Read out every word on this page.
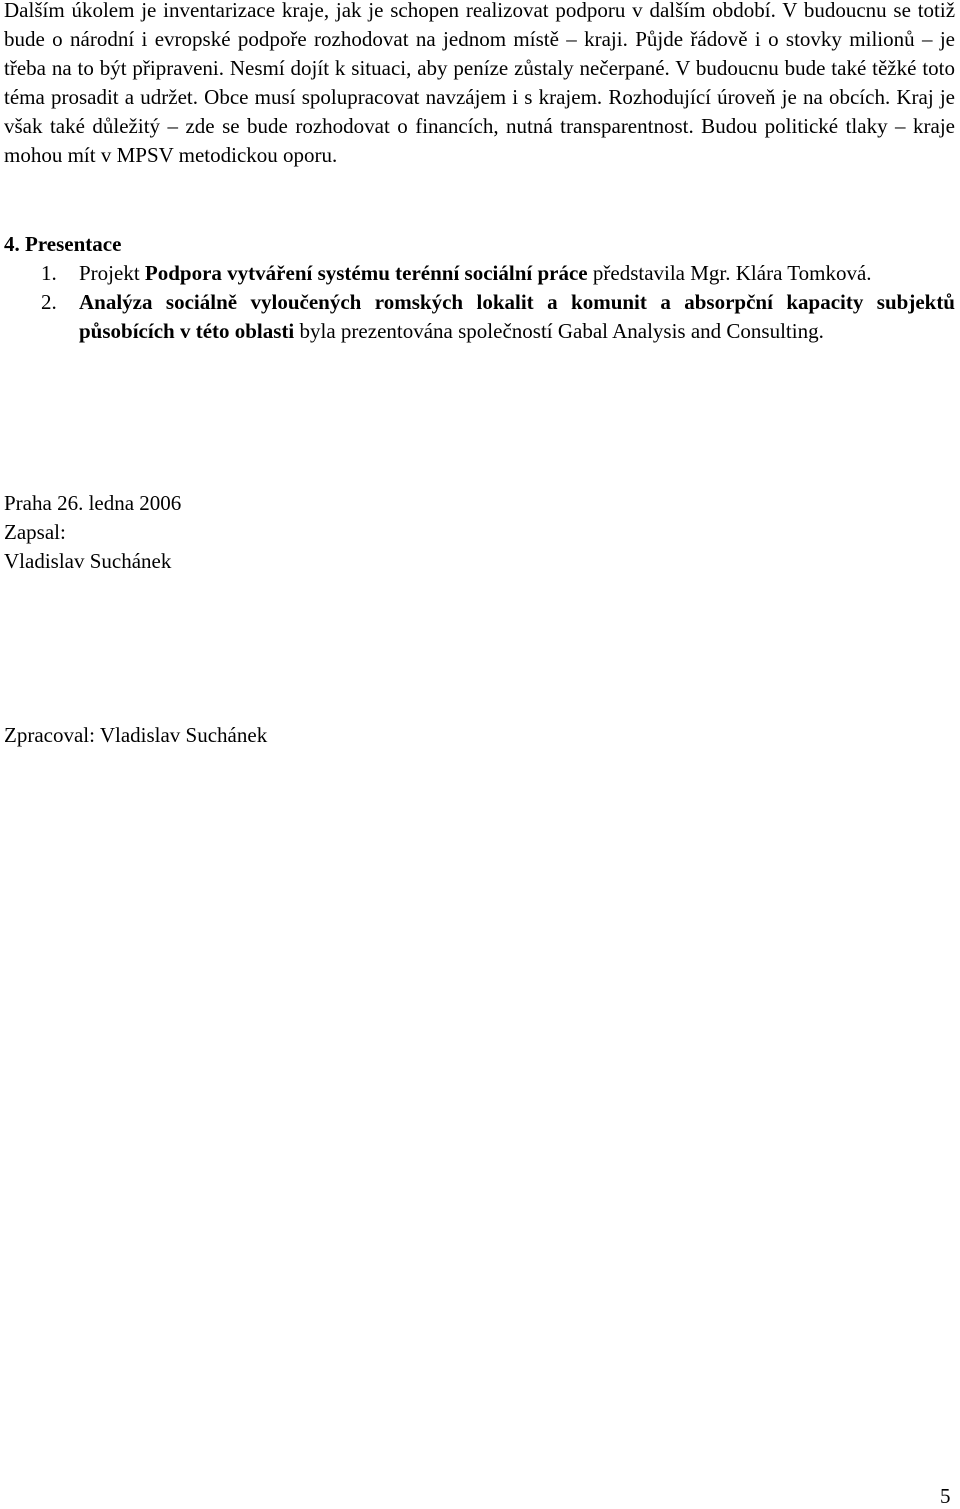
Dalším úkolem je inventarizace kraje, jak je schopen realizovat podporu v dalším období. V budoucnu se totiž bude o národní i evropské podpoře rozhodovat na jednom místě – kraji. Půjde řádově i o stovky milionů – je třeba na to být připraveni. Nesmí dojít k situaci, aby peníze zůstaly nečerpané. V budoucnu bude také těžké toto téma prosadit a udržet. Obce musí spolupracovat navzájem i s krajem. Rozhodující úroveň je na obcích. Kraj je však také důležitý – zde se bude rozhodovat o financích, nutná transparentnost. Budou politické tlaky – kraje mohou mít v MPSV metodickou oporu.

4. Presentace
1. Projekt Podpora vytváření systému terénní sociální práce představila Mgr. Klára Tomková.
2. Analýza sociálně vyloučených romských lokalit a komunit a absorpční kapacity subjektů působících v této oblasti byla prezentována společností Gabal Analysis and Consulting.
Praha 26. ledna 2006
Zapsal:
Vladislav Suchánek
Zpracoval: Vladislav Suchánek
5
